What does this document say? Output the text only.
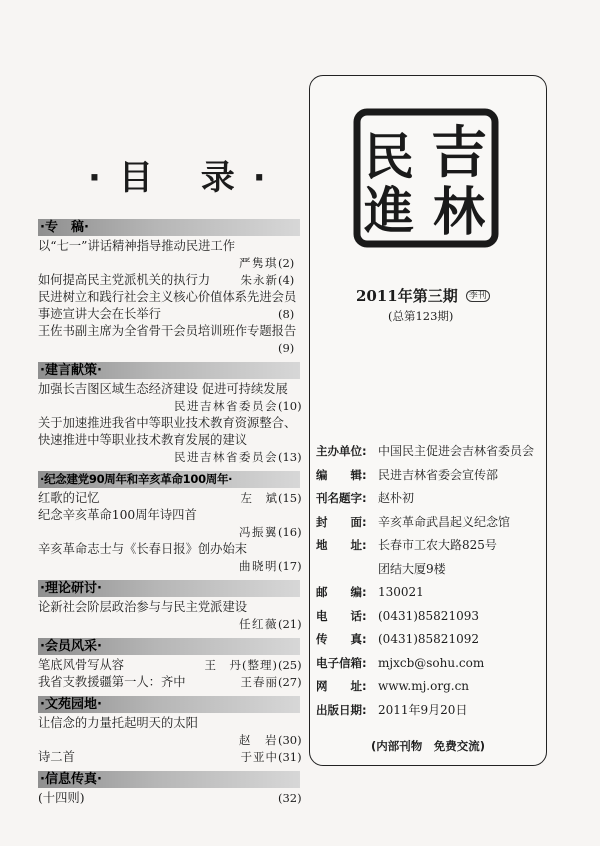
·目 录·
·专　稿·
以“七一”讲话精神指导推动民进工作
严隽琪 (2)
如何提高民主党派机关的执行力	朱永新 (4)
民进树立和践行社会主义核心价值体系先进会员
事迹宣讲大会在长举行	(8)
王佐书副主席为全省骨干会员培训班作专题报告
(9)
·建言献策·
加强长吉图区域生态经济建设 促进可持续发展
民进吉林省委员会 (10)
关于加速推进我省中等职业技术教育资源整合、
快速推进中等职业技术教育发展的建议
民进吉林省委员会 (13)
·纪念建党90周年和辛亥革命100周年·
红歌的记忆	左　斌 (15)
纪念辛亥革命100周年诗四首
冯振翼 (16)
辛亥革命志士与《长春日报》创办始末
曲晓明 (17)
·理论研讨·
论新社会阶层政治参与与民主党派建设
任红薇 (21)
·会员风采·
笔底风骨写从容	王　丹(整理) (25)
我省支教援疆第一人：齐中	王春丽 (27)
·文苑园地·
让信念的力量托起明天的太阳
赵　岩 (30)
诗二首	于亚中 (31)
·信息传真·
(十四则)	(32)
民 吉
進 林
2011年第三期 $^{季刊}$
(总第123期)
主办单位: 中国民主促进会吉林省委员会
编　　辑: 民进吉林省委会宣传部
刊名题字: 赵朴初
封　　面: 辛亥革命武昌起义纪念馆
地　　址: 长春市工农大路825号
团结大厦9楼
邮　　编: 130021
电　　话: (0431)85821093
传　　真: (0431)85821092
电子信箱: mjxcb@sohu.com
网　　址: www.mj.org.cn
出版日期: 2011年9月20日
(内部刊物　免费交流)
